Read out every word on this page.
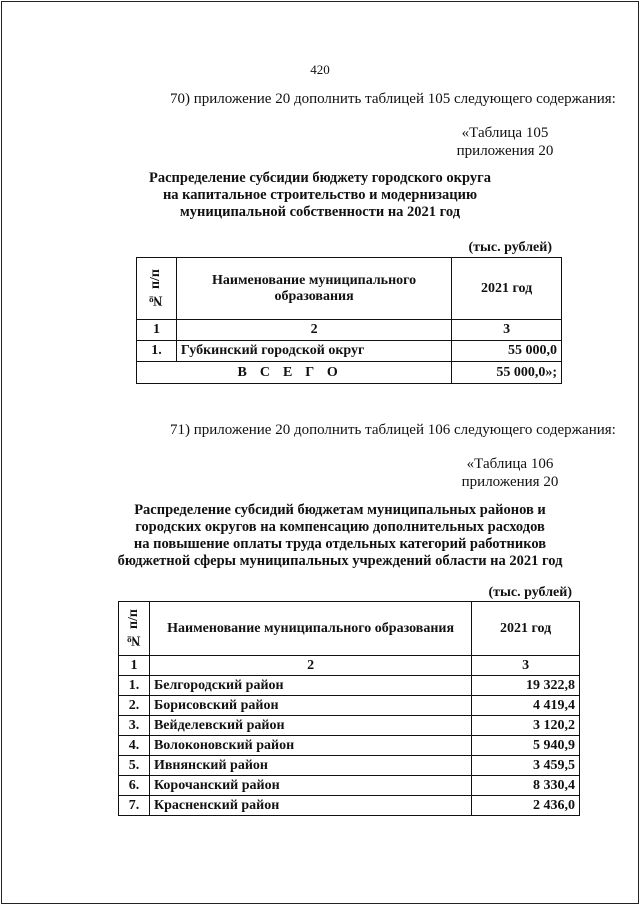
420
70) приложение 20 дополнить таблицей 105 следующего содержания:
«Таблица 105
приложения 20
Распределение субсидии бюджету городского округа
на капитальное строительство и модернизацию
муниципальной собственности на 2021 год
(тыс. рублей)
№ п/п	Наименование муниципального образования	2021 год
1	2	3
1.	Губкинский городской округ	55 000,0
ВСЕГО		55 000,0»;
71) приложение 20 дополнить таблицей 106 следующего содержания:
«Таблица 106
приложения 20
Распределение субсидий бюджетам муниципальных районов и
городских округов на компенсацию дополнительных расходов
на повышение оплаты труда отдельных категорий работников
бюджетной сферы муниципальных учреждений области на 2021 год
(тыс. рублей)
№ п/п	Наименование муниципального образования	2021 год
1	2	3
1.	Белгородский район	19 322,8
2.	Борисовский район	4 419,4
3.	Вейделевский район	3 120,2
4.	Волоконовский район	5 940,9
5.	Ивнянский район	3 459,5
6.	Корочанский район	8 330,4
7.	Красненский район	2 436,0
